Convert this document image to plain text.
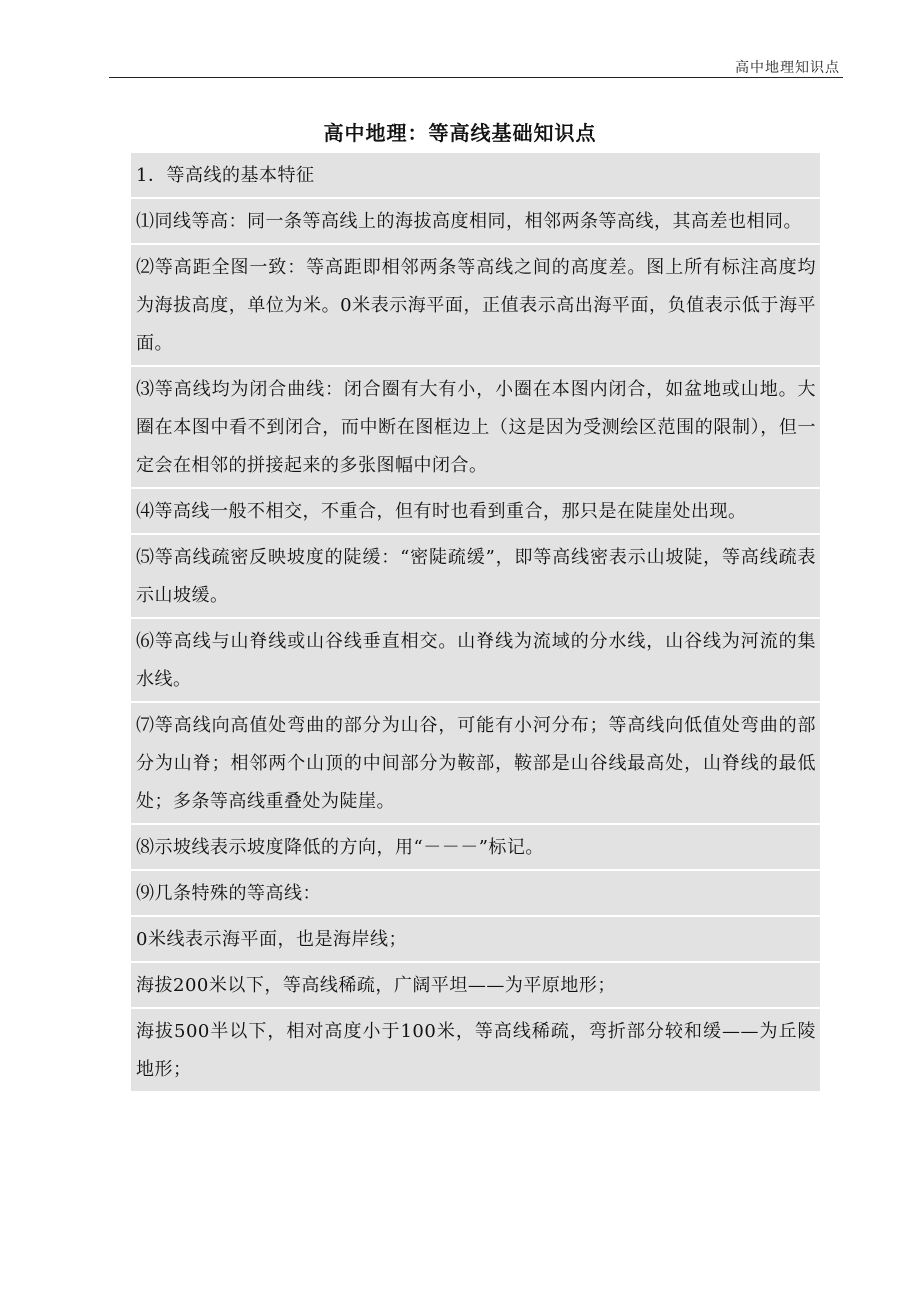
高中地理知识点
高中地理：等高线基础知识点
1．等高线的基本特征
⑴同线等高：同一条等高线上的海拔高度相同，相邻两条等高线，其高差也相同。
⑵等高距全图一致：等高距即相邻两条等高线之间的高度差。图上所有标注高度均为海拔高度，单位为米。0米表示海平面，正值表示高出海平面，负值表示低于海平面。
⑶等高线均为闭合曲线：闭合圈有大有小，小圈在本图内闭合，如盆地或山地。大圈在本图中看不到闭合，而中断在图框边上（这是因为受测绘区范围的限制），但一定会在相邻的拼接起来的多张图幅中闭合。
⑷等高线一般不相交，不重合，但有时也看到重合，那只是在陡崖处出现。
⑸等高线疏密反映坡度的陡缓：“密陡疏缓”，即等高线密表示山坡陡，等高线疏表示山坡缓。
⑹等高线与山脊线或山谷线垂直相交。山脊线为流域的分水线，山谷线为河流的集水线。
⑺等高线向高值处弯曲的部分为山谷，可能有小河分布；等高线向低值处弯曲的部分为山脊；相邻两个山顶的中间部分为鞍部，鞍部是山谷线最高处，山脊线的最低处；多条等高线重叠处为陡崖。
⑻示坡线表示坡度降低的方向，用“－－－”标记。
⑼几条特殊的等高线：
0米线表示海平面，也是海岸线；
海拔200米以下，等高线稀疏，广阔平坦——为平原地形；
海拔500半以下，相对高度小于100米，等高线稀疏，弯折部分较和缓——为丘陵地形；
